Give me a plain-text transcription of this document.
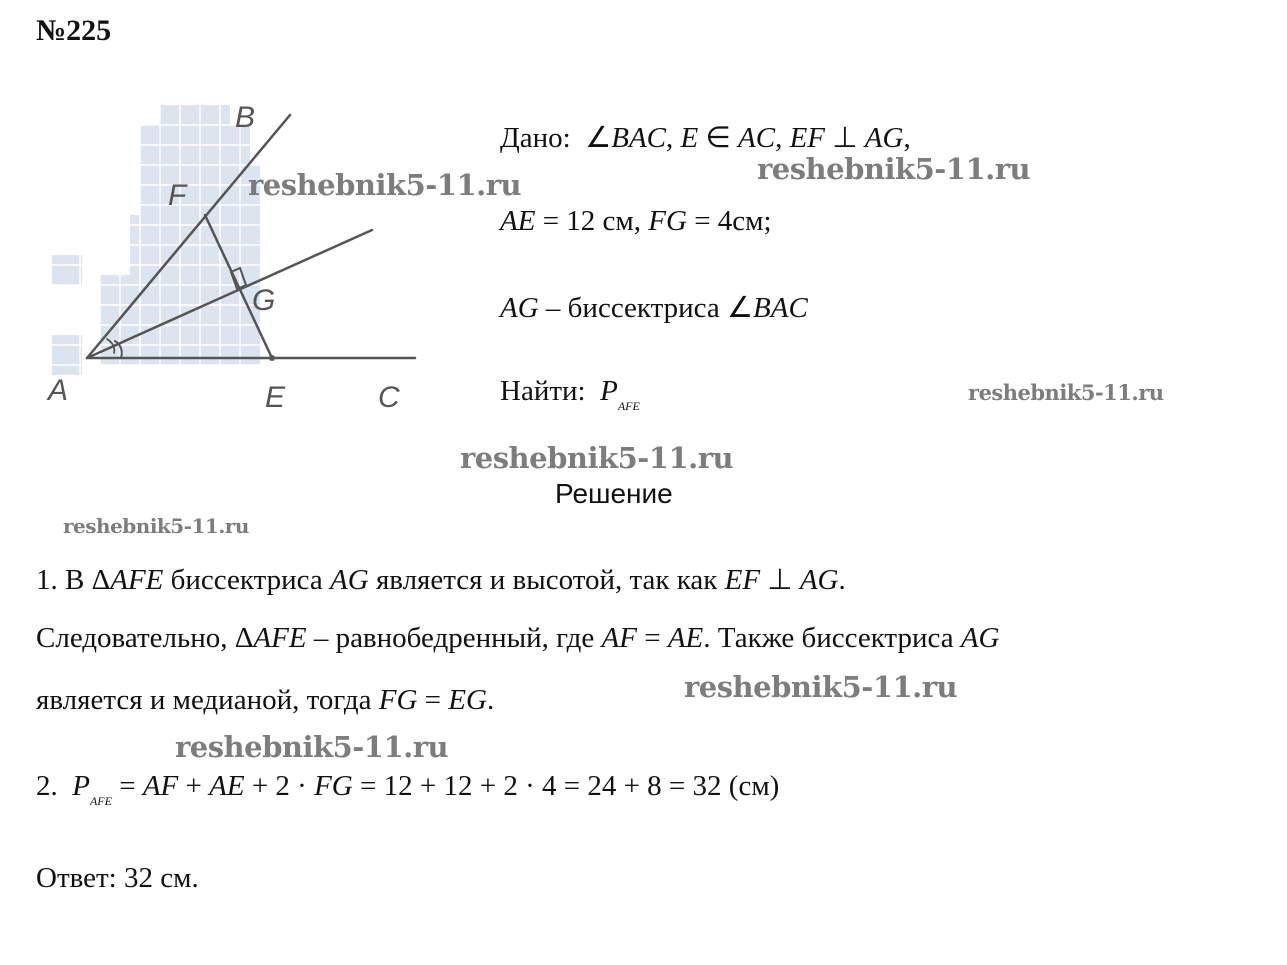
№225
B
F
G
A	E	C
Дано: ∠BAC, E ∈ AC, EF ⊥ AG,
AE = 12 см, FG = 4см;
AG – биссектриса ∠BAC
Найти: $P_{AFE}$
Решение
1. В ΔAFE биссектриса AG является и высотой, так как EF ⊥ AG.
Следовательно, ΔAFE – равнобедренный, где AF = AE. Также биссектриса AG
является и медианой, тогда FG = EG.
2. $P_{AFE}$ = AF + AE + 2 · FG = 12 + 12 + 2 · 4 = 24 + 8 = 32 (см)
Ответ: 32 см.
reshebnik5-11.ru	reshebnik5-11.ru
reshebnik5-11.ru
reshebnik5-11.ru
reshebnik5-11.ru
reshebnik5-11.ru
reshebnik5-11.ru
